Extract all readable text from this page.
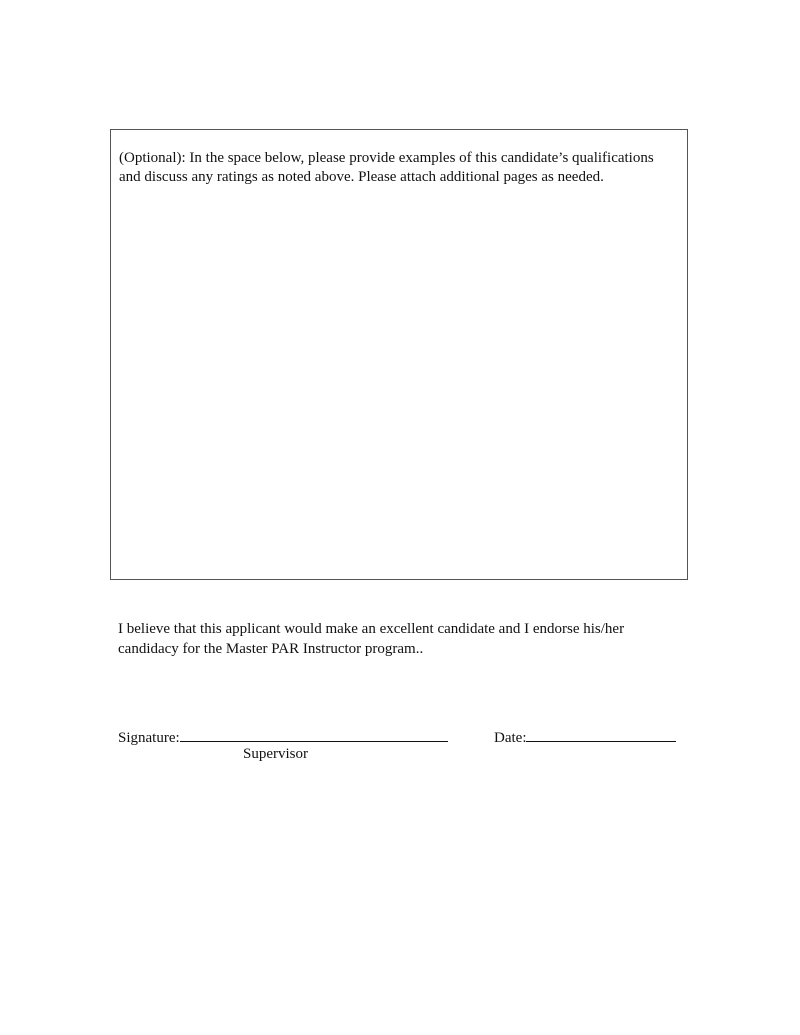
(Optional): In the space below, please provide examples of this candidate’s qualifications and discuss any ratings as noted above. Please attach additional pages as needed.

I believe that this applicant would make an excellent candidate and I endorse his/her candidacy for the Master PAR Instructor program..

Signature:
Supervisor
Date:
